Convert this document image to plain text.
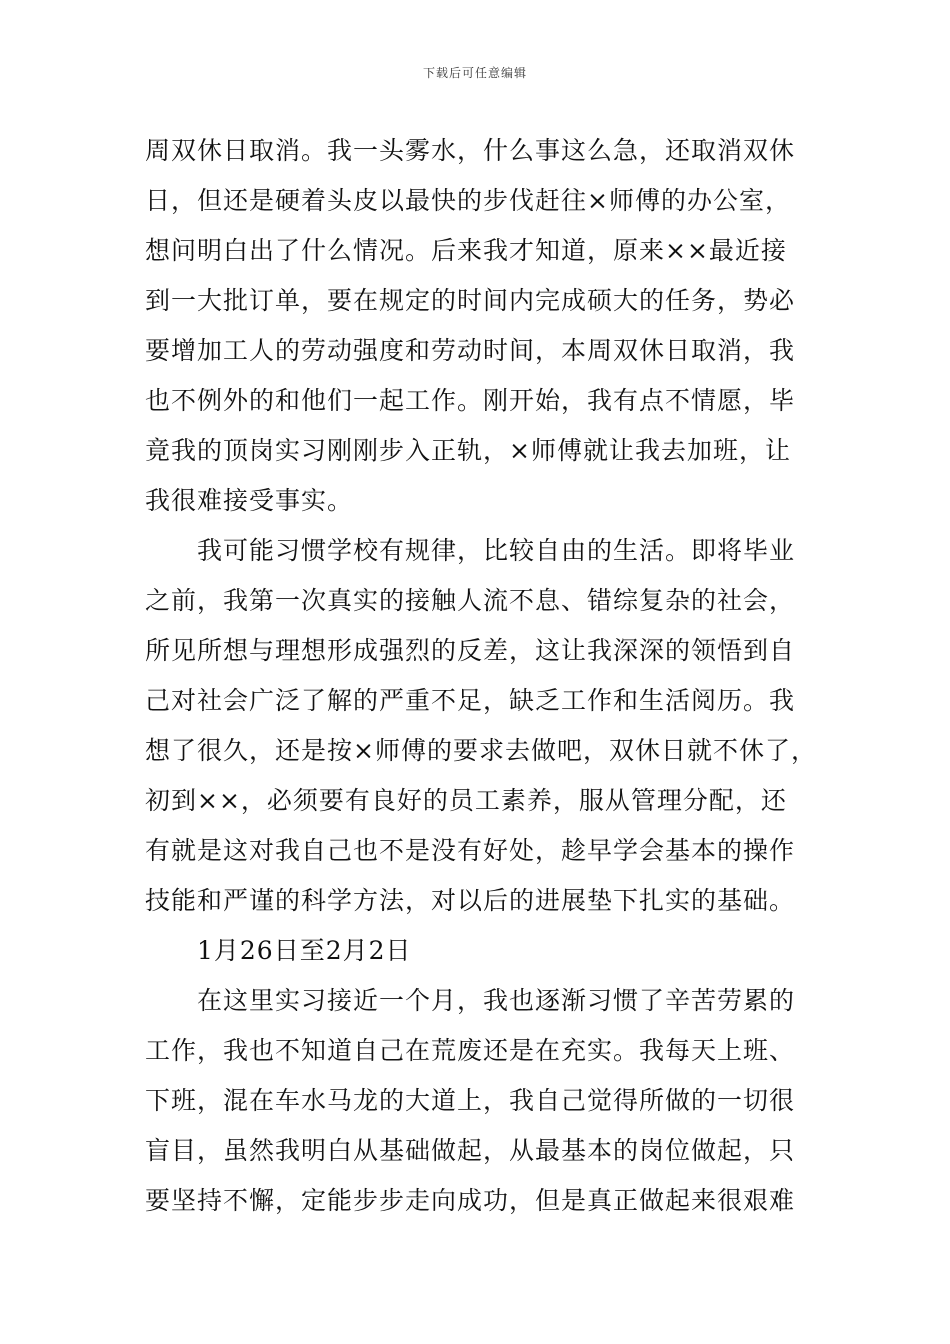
下载后可任意编辑
周双休日取消。我一头雾水，什么事这么急，还取消双休
日，但还是硬着头皮以最快的步伐赶往×师傅的办公室，
想问明白出了什么情况。后来我才知道，原来××最近接
到一大批订单，要在规定的时间内完成硕大的任务，势必
要增加工人的劳动强度和劳动时间，本周双休日取消，我
也不例外的和他们一起工作。刚开始，我有点不情愿，毕
竟我的顶岗实习刚刚步入正轨，×师傅就让我去加班，让
我很难接受事实。
我可能习惯学校有规律，比较自由的生活。即将毕业
之前，我第一次真实的接触人流不息、错综复杂的社会，
所见所想与理想形成强烈的反差，这让我深深的领悟到自
己对社会广泛了解的严重不足，缺乏工作和生活阅历。我
想了很久，还是按×师傅的要求去做吧，双休日就不休了，
初到××，必须要有良好的员工素养，服从管理分配，还
有就是这对我自己也不是没有好处，趁早学会基本的操作
技能和严谨的科学方法，对以后的进展垫下扎实的基础。
1月26日至2月2日
在这里实习接近一个月，我也逐渐习惯了辛苦劳累的
工作，我也不知道自己在荒废还是在充实。我每天上班、
下班，混在车水马龙的大道上，我自己觉得所做的一切很
盲目，虽然我明白从基础做起，从最基本的岗位做起，只
要坚持不懈，定能步步走向成功，但是真正做起来很艰难
